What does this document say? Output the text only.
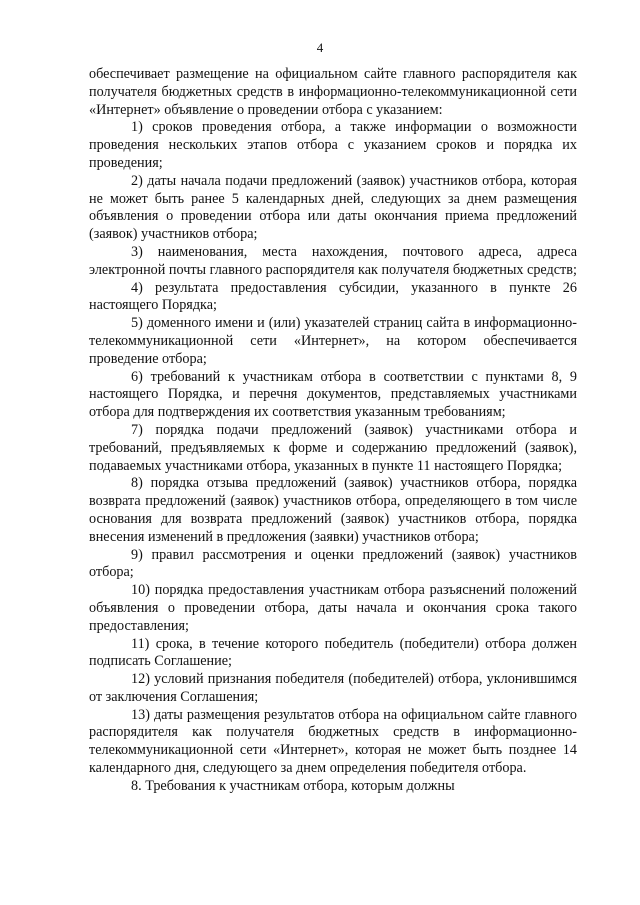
4

обеспечивает размещение на официальном сайте главного распорядителя как получателя бюджетных средств в информационно-телекоммуникационной сети «Интернет» объявление о проведении отбора с указанием:

1) сроков проведения отбора, а также информации о возможности проведения нескольких этапов отбора с указанием сроков и порядка их проведения;

2) даты начала подачи предложений (заявок) участников отбора, которая не может быть ранее 5 календарных дней, следующих за днем размещения объявления о проведении отбора или даты окончания приема предложений (заявок) участников отбора;

3) наименования, места нахождения, почтового адреса, адреса электронной почты главного распорядителя как получателя бюджетных средств;

4) результата предоставления субсидии, указанного в пункте 26 настоящего Порядка;

5) доменного имени и (или) указателей страниц сайта в информационно-телекоммуникационной сети «Интернет», на котором обеспечивается проведение отбора;

6) требований к участникам отбора в соответствии с пунктами 8, 9 настоящего Порядка, и перечня документов, представляемых участниками отбора для подтверждения их соответствия указанным требованиям;

7) порядка подачи предложений (заявок) участниками отбора и требований, предъявляемых к форме и содержанию предложений (заявок), подаваемых участниками отбора, указанных в пункте 11 настоящего Порядка;

8) порядка отзыва предложений (заявок) участников отбора, порядка возврата предложений (заявок) участников отбора, определяющего в том числе основания для возврата предложений (заявок) участников отбора, порядка внесения изменений в предложения (заявки) участников отбора;

9) правил рассмотрения и оценки предложений (заявок) участников отбора;

10) порядка предоставления участникам отбора разъяснений положений объявления о проведении отбора, даты начала и окончания срока такого предоставления;

11) срока, в течение которого победитель (победители) отбора должен подписать Соглашение;

12) условий признания победителя (победителей) отбора, уклонившимся от заключения Соглашения;

13) даты размещения результатов отбора на официальном сайте главного распорядителя как получателя бюджетных средств в информационно-телекоммуникационной сети «Интернет», которая не может быть позднее 14 календарного дня, следующего за днем определения победителя отбора.

8. Требования к участникам отбора, которым должны
